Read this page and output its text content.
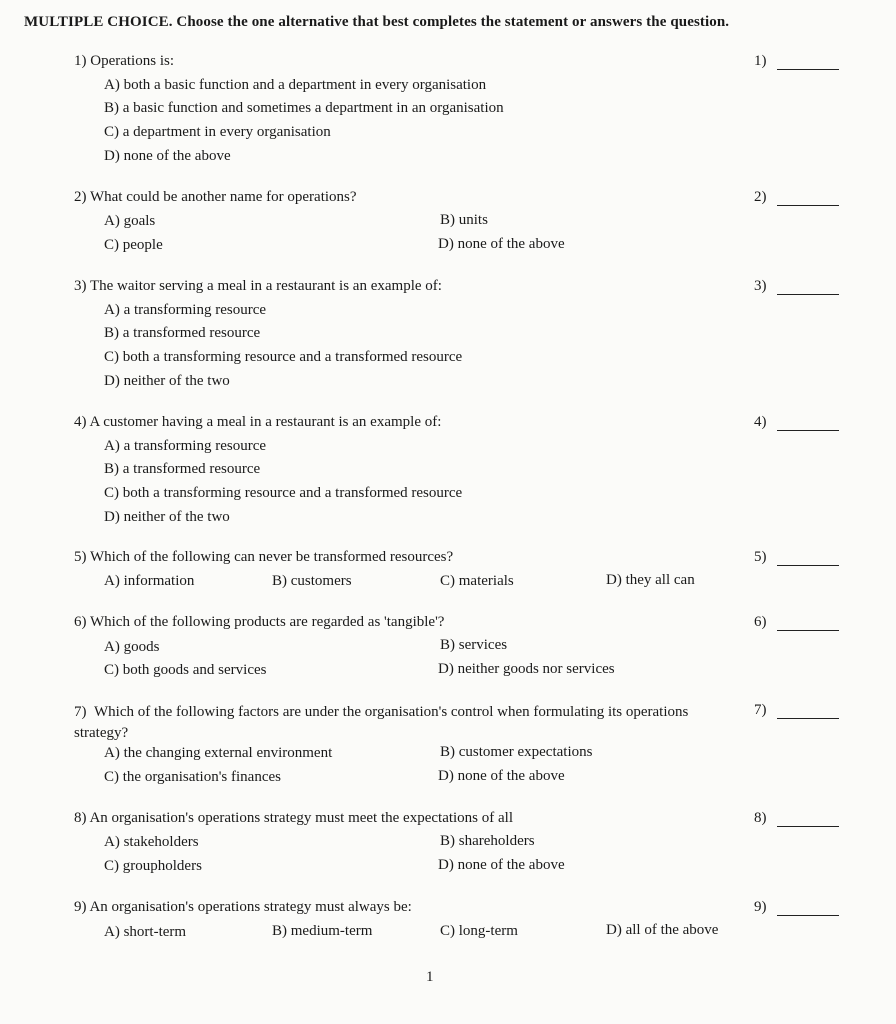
MULTIPLE CHOICE. Choose the one alternative that best completes the statement or answers the question.
1) Operations is:	1)
A) both a basic function and a department in every organisation
B) a basic function and sometimes a department in an organisation
C) a department in every organisation
D) none of the above
2) What could be another name for operations?	2)
A) goals	B) units
C) people	D) none of the above
3) The waitor serving a meal in a restaurant is an example of:	3)
A) a transforming resource
B) a transformed resource
C) both a transforming resource and a transformed resource
D) neither of the two
4) A customer having a meal in a restaurant is an example of:	4)
A) a transforming resource
B) a transformed resource
C) both a transforming resource and a transformed resource
D) neither of the two
5) Which of the following can never be transformed resources?	5)
A) information	B) customers	C) materials	D) they all can
6) Which of the following products are regarded as 'tangible'?	6)
A) goods	B) services
C) both goods and services	D) neither goods nor services
7) Which of the following factors are under the organisation's control when formulating its operations strategy?
7)
A) the changing external environment	B) customer expectations
C) the organisation's finances	D) none of the above
8) An organisation's operations strategy must meet the expectations of all	8)
A) stakeholders	B) shareholders
C) groupholders	D) none of the above
9) An organisation's operations strategy must always be:	9)
A) short-term	B) medium-term	C) long-term	D) all of the above
1
